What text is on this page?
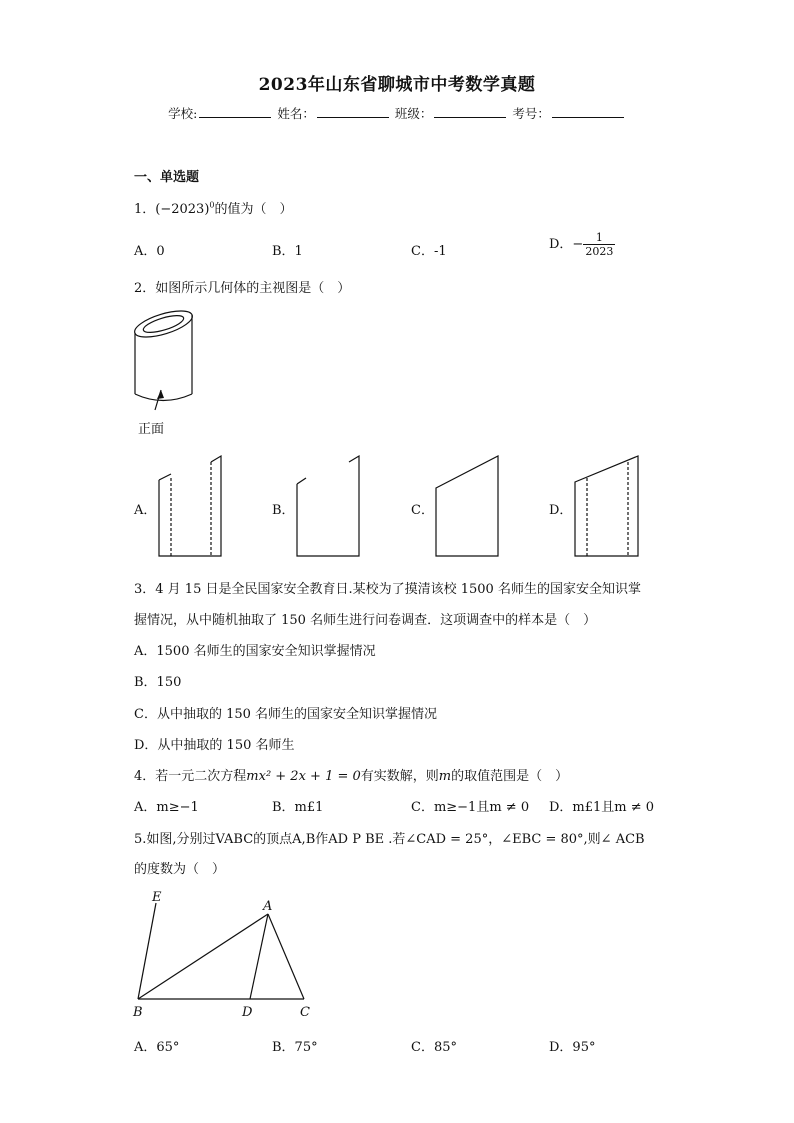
2023年山东省聊城市中考数学真题
学校:	姓名：	班级：	考号：
一、单选题
1．$(-2023)^0$的值为（　）
A．0	B．1	C．-1	D．− $\frac{1}{2023}$
2．如图所示几何体的主视图是（　）
正面
A．	B．	C．	D．
3．4 月 15 日是全民国家安全教育日.某校为了摸清该校 1500 名师生的国家安全知识掌
握情况，从中随机抽取了 150 名师生进行问卷调查．这项调查中的样本是（　）
A．1500 名师生的国家安全知识掌握情况
B．150
C．从中抽取的 150 名师生的国家安全知识掌握情况
D．从中抽取的 150 名师生
4．若一元二次方程mx² + 2x + 1 = 0有实数解，则m的取值范围是（　）
A．m≥−1	B．m£1	C．m≥−1且m ≠ 0 D．m£1且m ≠ 0
5.如图,分别过VABC的顶点A,B作AD P BE .若∠CAD = 25°，∠EBC = 80°,则∠ ACB
的度数为（　）
E
A
B	D	C
A．65°	B．75°	C．85°	D．95°
